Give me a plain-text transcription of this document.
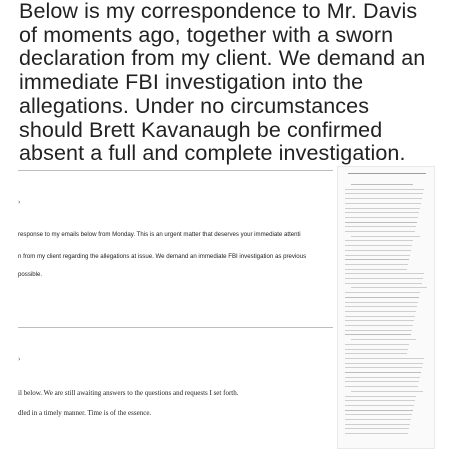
Below is my correspondence to Mr. Davis of moments ago, together with a sworn declaration from my client. We demand an immediate FBI investigation into the allegations. Under no circumstances should Brett Kavanaugh be confirmed absent a full and complete investigation.
›
response to my emails below from Monday. This is an urgent matter that deserves your immediate attenti
n from my client regarding the allegations at issue. We demand an immediate FBI investigation as previous
possible.
›
il below. We are still awaiting answers to the questions and requests I set forth.
dled in a timely manner. Time is of the essence.
